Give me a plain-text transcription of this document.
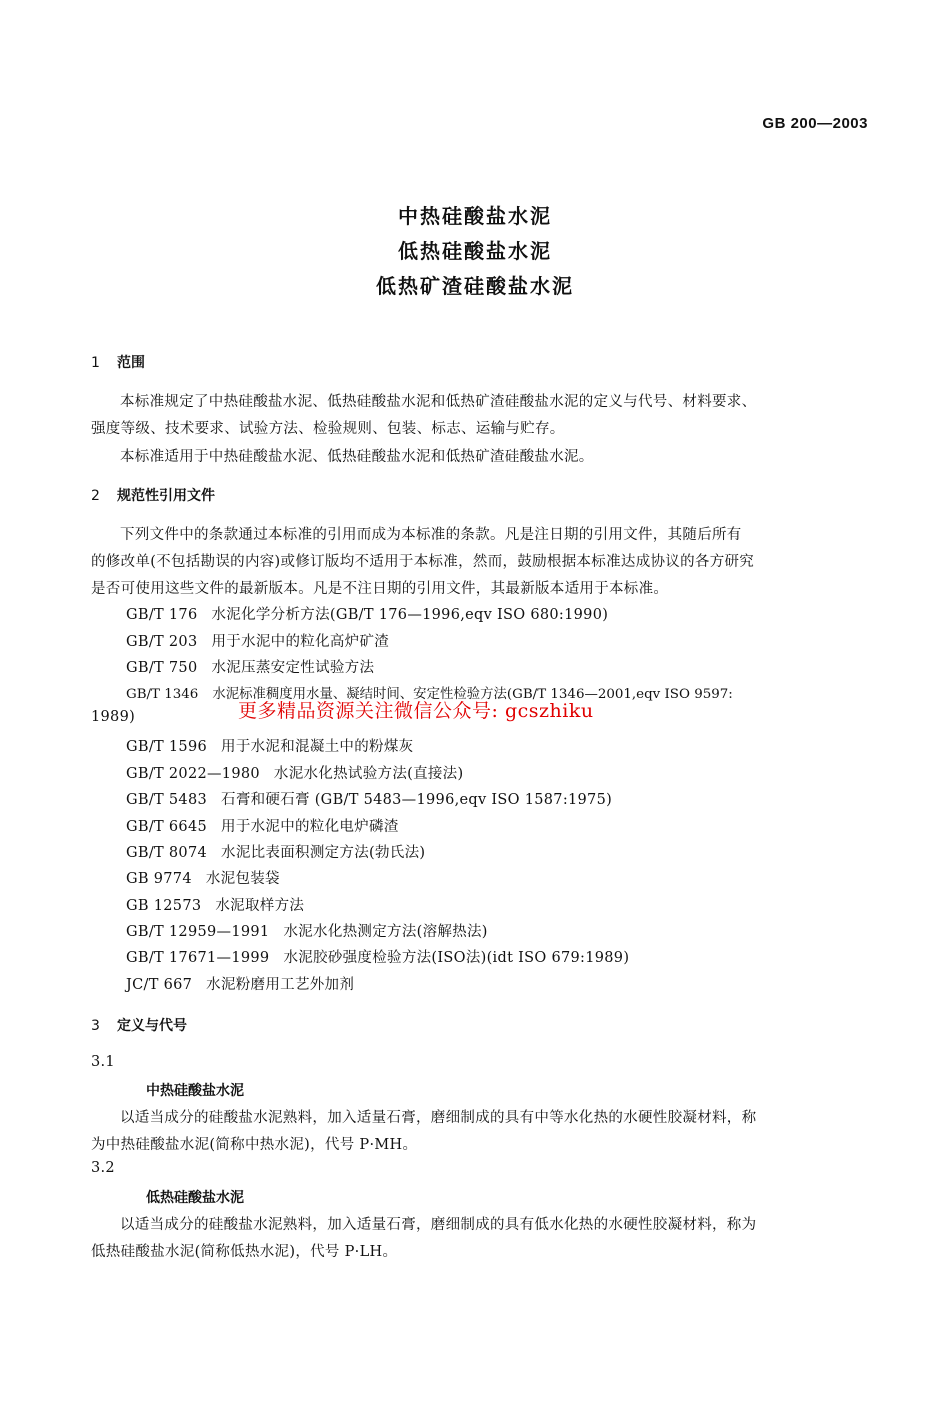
GB 200—2003
中热硅酸盐水泥
低热硅酸盐水泥
低热矿渣硅酸盐水泥
1 范围
本标准规定了中热硅酸盐水泥、低热硅酸盐水泥和低热矿渣硅酸盐水泥的定义与代号、材料要求、
强度等级、技术要求、试验方法、检验规则、包装、标志、运输与贮存。
本标准适用于中热硅酸盐水泥、低热硅酸盐水泥和低热矿渣硅酸盐水泥。
2 规范性引用文件
下列文件中的条款通过本标准的引用而成为本标准的条款。凡是注日期的引用文件，其随后所有
的修改单(不包括勘误的内容)或修订版均不适用于本标准，然而，鼓励根据本标准达成协议的各方研究
是否可使用这些文件的最新版本。凡是不注日期的引用文件，其最新版本适用于本标准。
GB/T 176 水泥化学分析方法(GB/T 176—1996,eqv ISO 680:1990)
GB/T 203 用于水泥中的粒化高炉矿渣
GB/T 750 水泥压蒸安定性试验方法
GB/T 1346 水泥标准稠度用水量、凝结时间、安定性检验方法(GB/T 1346—2001,eqv ISO 9597:
1989)
GB/T 1596 用于水泥和混凝土中的粉煤灰
GB/T 2022—1980 水泥水化热试验方法(直接法)
GB/T 5483 石膏和硬石膏 (GB/T 5483—1996,eqv ISO 1587:1975)
GB/T 6645 用于水泥中的粒化电炉磷渣
GB/T 8074 水泥比表面积测定方法(勃氏法)
GB 9774 水泥包装袋
GB 12573 水泥取样方法
GB/T 12959—1991 水泥水化热测定方法(溶解热法)
GB/T 17671—1999 水泥胶砂强度检验方法(ISO法)(idt ISO 679:1989)
JC/T 667 水泥粉磨用工艺外加剂
3 定义与代号
3.1
中热硅酸盐水泥
以适当成分的硅酸盐水泥熟料，加入适量石膏，磨细制成的具有中等水化热的水硬性胶凝材料，称
为中热硅酸盐水泥(简称中热水泥)，代号 P·MH。
3.2
低热硅酸盐水泥
以适当成分的硅酸盐水泥熟料，加入适量石膏，磨细制成的具有低水化热的水硬性胶凝材料，称为
低热硅酸盐水泥(简称低热水泥)，代号 P·LH。
更多精品资源关注微信公众号: gcszhiku
